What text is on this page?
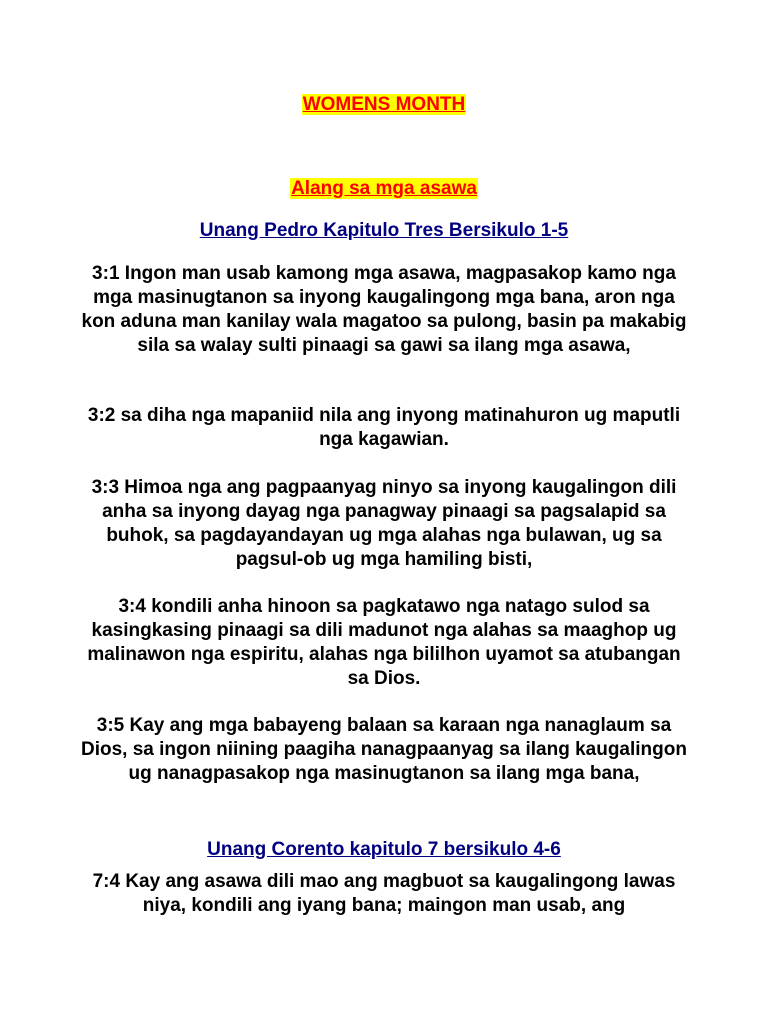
WOMENS MONTH
Alang sa mga asawa
Unang Pedro Kapitulo Tres Bersikulo 1-5

3:1 Ingon man usab kamong mga asawa, magpasakop kamo nga mga masinugtanon sa inyong kaugalingong mga bana, aron nga kon aduna man kanilay wala magatoo sa pulong, basin pa makabig sila sa walay sulti pinaagi sa gawi sa ilang mga asawa,

3:2 sa diha nga mapaniid nila ang inyong matinahuron ug maputli nga kagawian.

3:3 Himoa nga ang pagpaanyag ninyo sa inyong kaugalingon dili anha sa inyong dayag nga panagway pinaagi sa pagsalapid sa buhok, sa pagdayandayan ug mga alahas nga bulawan, ug sa pagsul-ob ug mga hamiling bisti,

3:4 kondili anha hinoon sa pagkatawo nga natago sulod sa kasingkasing pinaagi sa dili madunot nga alahas sa maaghop ug malinawon nga espiritu, alahas nga bililhon uyamot sa atubangan sa Dios.

3:5 Kay ang mga babayeng balaan sa karaan nga nanaglaum sa Dios, sa ingon niining paagiha nanagpaanyag sa ilang kaugalingon ug nanagpasakop nga masinugtanon sa ilang mga bana,

Unang Corento kapitulo 7 bersikulo 4-6

7:4 Kay ang asawa dili mao ang magbuot sa kaugalingong lawas niya, kondili ang iyang bana; maingon man usab, ang
